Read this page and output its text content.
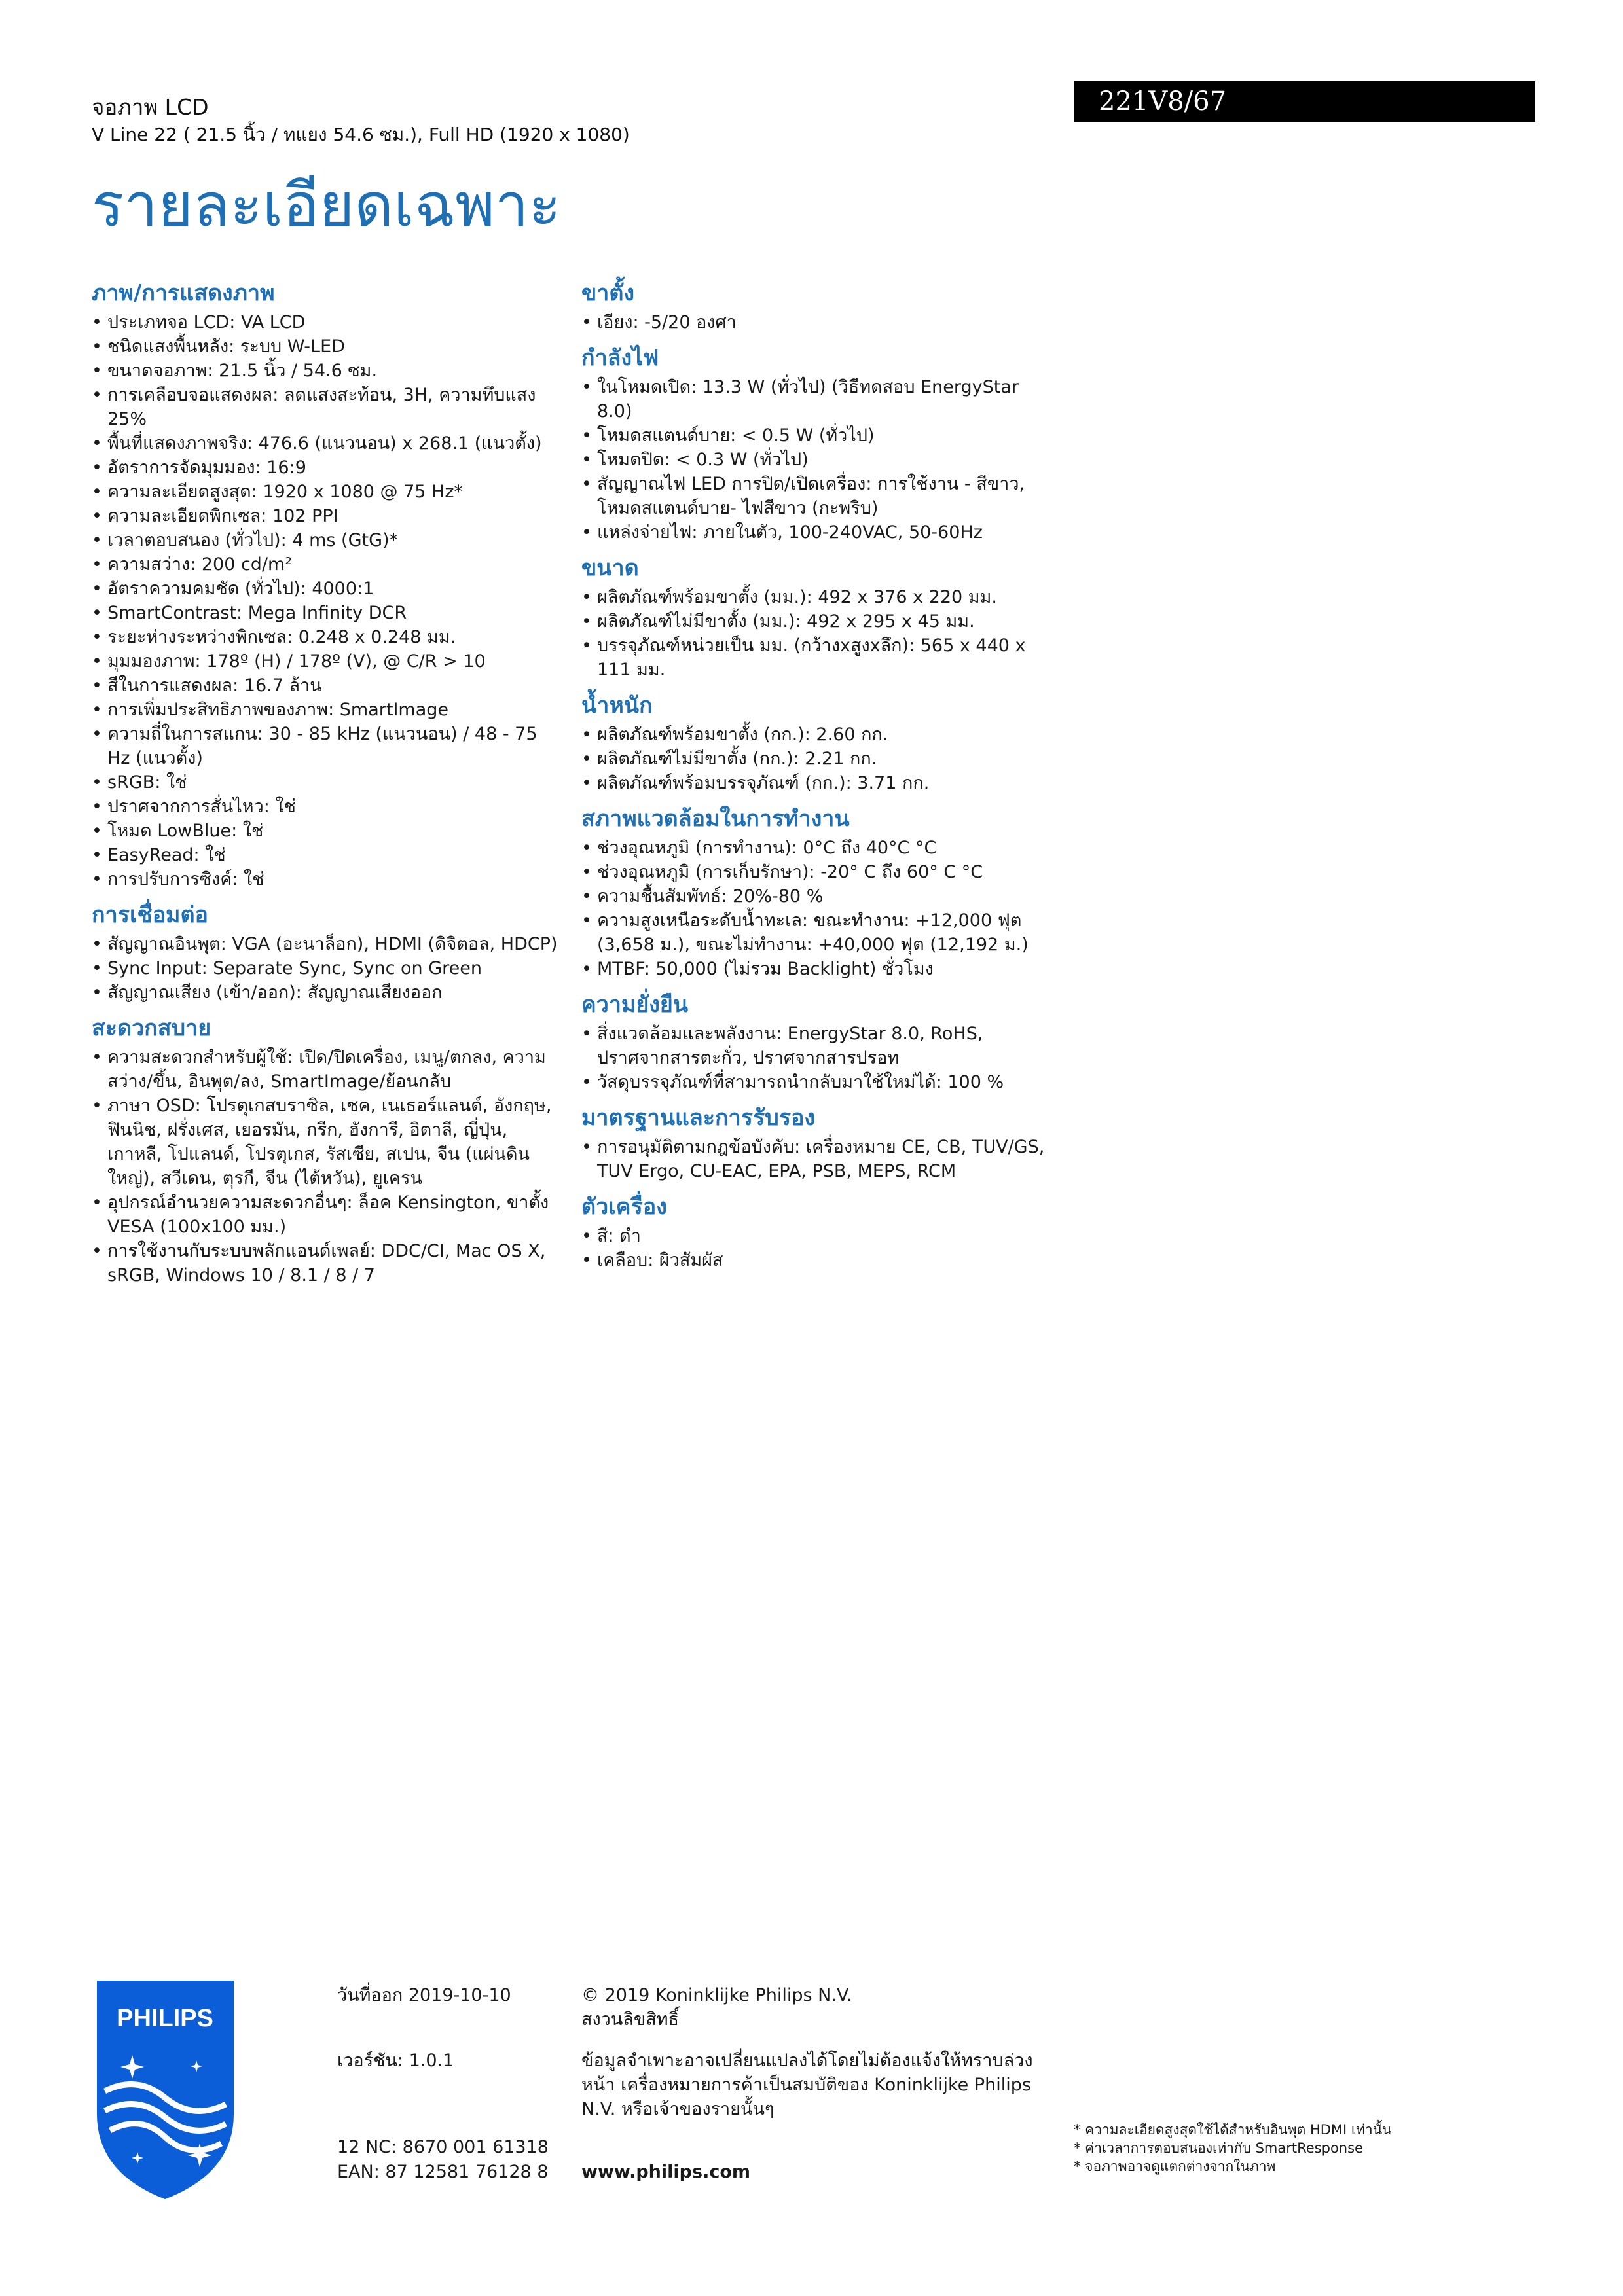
จอภาพ LCD
V Line 22 ( 21.5 นิ้ว / ทแยง 54.6 ซม.), Full HD (1920 x 1080)
221V8/67
รายละเอียดเฉพาะ
ภาพ/การแสดงภาพ
• ประเภทจอ LCD: VA LCD
• ชนิดแสงพื้นหลัง: ระบบ W-LED
• ขนาดจอภาพ: 21.5 นิ้ว / 54.6 ซม.
• การเคลือบจอแสดงผล: ลดแสงสะท้อน, 3H, ความทึบแสง 25%
• พื้นที่แสดงภาพจริง: 476.6 (แนวนอน) x 268.1 (แนวตั้ง)
• อัตราการจัดมุมมอง: 16:9
• ความละเอียดสูงสุด: 1920 x 1080 @ 75 Hz*
• ความละเอียดพิกเซล: 102 PPI
• เวลาตอบสนอง (ทั่วไป): 4 ms (GtG)*
• ความสว่าง: 200 cd/m²
• อัตราความคมชัด (ทั่วไป): 4000:1
• SmartContrast: Mega Infinity DCR
• ระยะห่างระหว่างพิกเซล: 0.248 x 0.248 มม.
• มุมมองภาพ: 178º (H) / 178º (V), @ C/R > 10
• สีในการแสดงผล: 16.7 ล้าน
• การเพิ่มประสิทธิภาพของภาพ: SmartImage
• ความถี่ในการสแกน: 30 - 85 kHz (แนวนอน) / 48 - 75 Hz (แนวตั้ง)
• sRGB: ใช่
• ปราศจากการสั่นไหว: ใช่
• โหมด LowBlue: ใช่
• EasyRead: ใช่
• การปรับการซิงค์: ใช่
การเชื่อมต่อ
• สัญญาณอินพุต: VGA (อะนาล็อก), HDMI (ดิจิตอล, HDCP)
• Sync Input: Separate Sync, Sync on Green
• สัญญาณเสียง (เข้า/ออก): สัญญาณเสียงออก
สะดวกสบาย
• ความสะดวกสำหรับผู้ใช้: เปิด/ปิดเครื่อง, เมนู/ตกลง, ความสว่าง/ขึ้น, อินพุต/ลง, SmartImage/ย้อนกลับ
• ภาษา OSD: โปรตุเกสบราซิล, เชค, เนเธอร์แลนด์, อังกฤษ, ฟินนิช, ฝรั่งเศส, เยอรมัน, กรีก, ฮังการี, อิตาลี, ญี่ปุ่น, เกาหลี, โปแลนด์, โปรตุเกส, รัสเซีย, สเปน, จีน (แผ่นดินใหญ่), สวีเดน, ตุรกี, จีน (ไต้หวัน), ยูเครน
• อุปกรณ์อำนวยความสะดวกอื่นๆ: ล็อค Kensington, ขาตั้ง VESA (100x100 มม.)
• การใช้งานกับระบบพลักแอนด์เพลย์: DDC/CI, Mac OS X, sRGB, Windows 10 / 8.1 / 8 / 7
ขาตั้ง
• เอียง: -5/20 องศา
กำลังไฟ
• ในโหมดเปิด: 13.3 W (ทั่วไป) (วิธีทดสอบ EnergyStar 8.0)
• โหมดสแตนด์บาย: < 0.5 W (ทั่วไป)
• โหมดปิด: < 0.3 W (ทั่วไป)
• สัญญาณไฟ LED การปิด/เปิดเครื่อง: การใช้งาน - สีขาว, โหมดสแตนด์บาย- ไฟสีขาว (กะพริบ)
• แหล่งจ่ายไฟ: ภายในตัว, 100-240VAC, 50-60Hz
ขนาด
• ผลิตภัณฑ์พร้อมขาตั้ง (มม.): 492 x 376 x 220 มม.
• ผลิตภัณฑ์ไม่มีขาตั้ง (มม.): 492 x 295 x 45 มม.
• บรรจุภัณฑ์หน่วยเป็น มม. (กว้างxสูงxลึก): 565 x 440 x 111 มม.
น้ำหนัก
• ผลิตภัณฑ์พร้อมขาตั้ง (กก.): 2.60 กก.
• ผลิตภัณฑ์ไม่มีขาตั้ง (กก.): 2.21 กก.
• ผลิตภัณฑ์พร้อมบรรจุภัณฑ์ (กก.): 3.71 กก.
สภาพแวดล้อมในการทำงาน
• ช่วงอุณหภูมิ (การทำงาน): 0°C ถึง 40°C °C
• ช่วงอุณหภูมิ (การเก็บรักษา): -20° C ถึง 60° C °C
• ความชื้นสัมพัทธ์: 20%-80 %
• ความสูงเหนือระดับน้ำทะเล: ขณะทำงาน: +12,000 ฟุต (3,658 ม.), ขณะไม่ทำงาน: +40,000 ฟุต (12,192 ม.)
• MTBF: 50,000 (ไม่รวม Backlight) ชั่วโมง
ความยั่งยืน
• สิ่งแวดล้อมและพลังงาน: EnergyStar 8.0, RoHS, ปราศจากสารตะกั่ว, ปราศจากสารปรอท
• วัสดุบรรจุภัณฑ์ที่สามารถนำกลับมาใช้ใหม่ได้: 100 %
มาตรฐานและการรับรอง
• การอนุมัติตามกฎข้อบังคับ: เครื่องหมาย CE, CB, TUV/GS, TUV Ergo, CU-EAC, EPA, PSB, MEPS, RCM
ตัวเครื่อง
• สี: ดำ
• เคลือบ: ผิวสัมผัส
PHILIPS
วันที่ออก 2019-10-10
เวอร์ชัน: 1.0.1
12 NC: 8670 001 61318
EAN: 87 12581 76128 8
© 2019 Koninklijke Philips N.V.
สงวนลิขสิทธิ์
ข้อมูลจำเพาะอาจเปลี่ยนแปลงได้โดยไม่ต้องแจ้งให้ทราบล่วงหน้า เครื่องหมายการค้าเป็นสมบัติของ Koninklijke Philips N.V. หรือเจ้าของรายนั้นๆ
www.philips.com
* ความละเอียดสูงสุดใช้ได้สำหรับอินพุต HDMI เท่านั้น
* ค่าเวลาการตอบสนองเท่ากับ SmartResponse
* จอภาพอาจดูแตกต่างจากในภาพ
